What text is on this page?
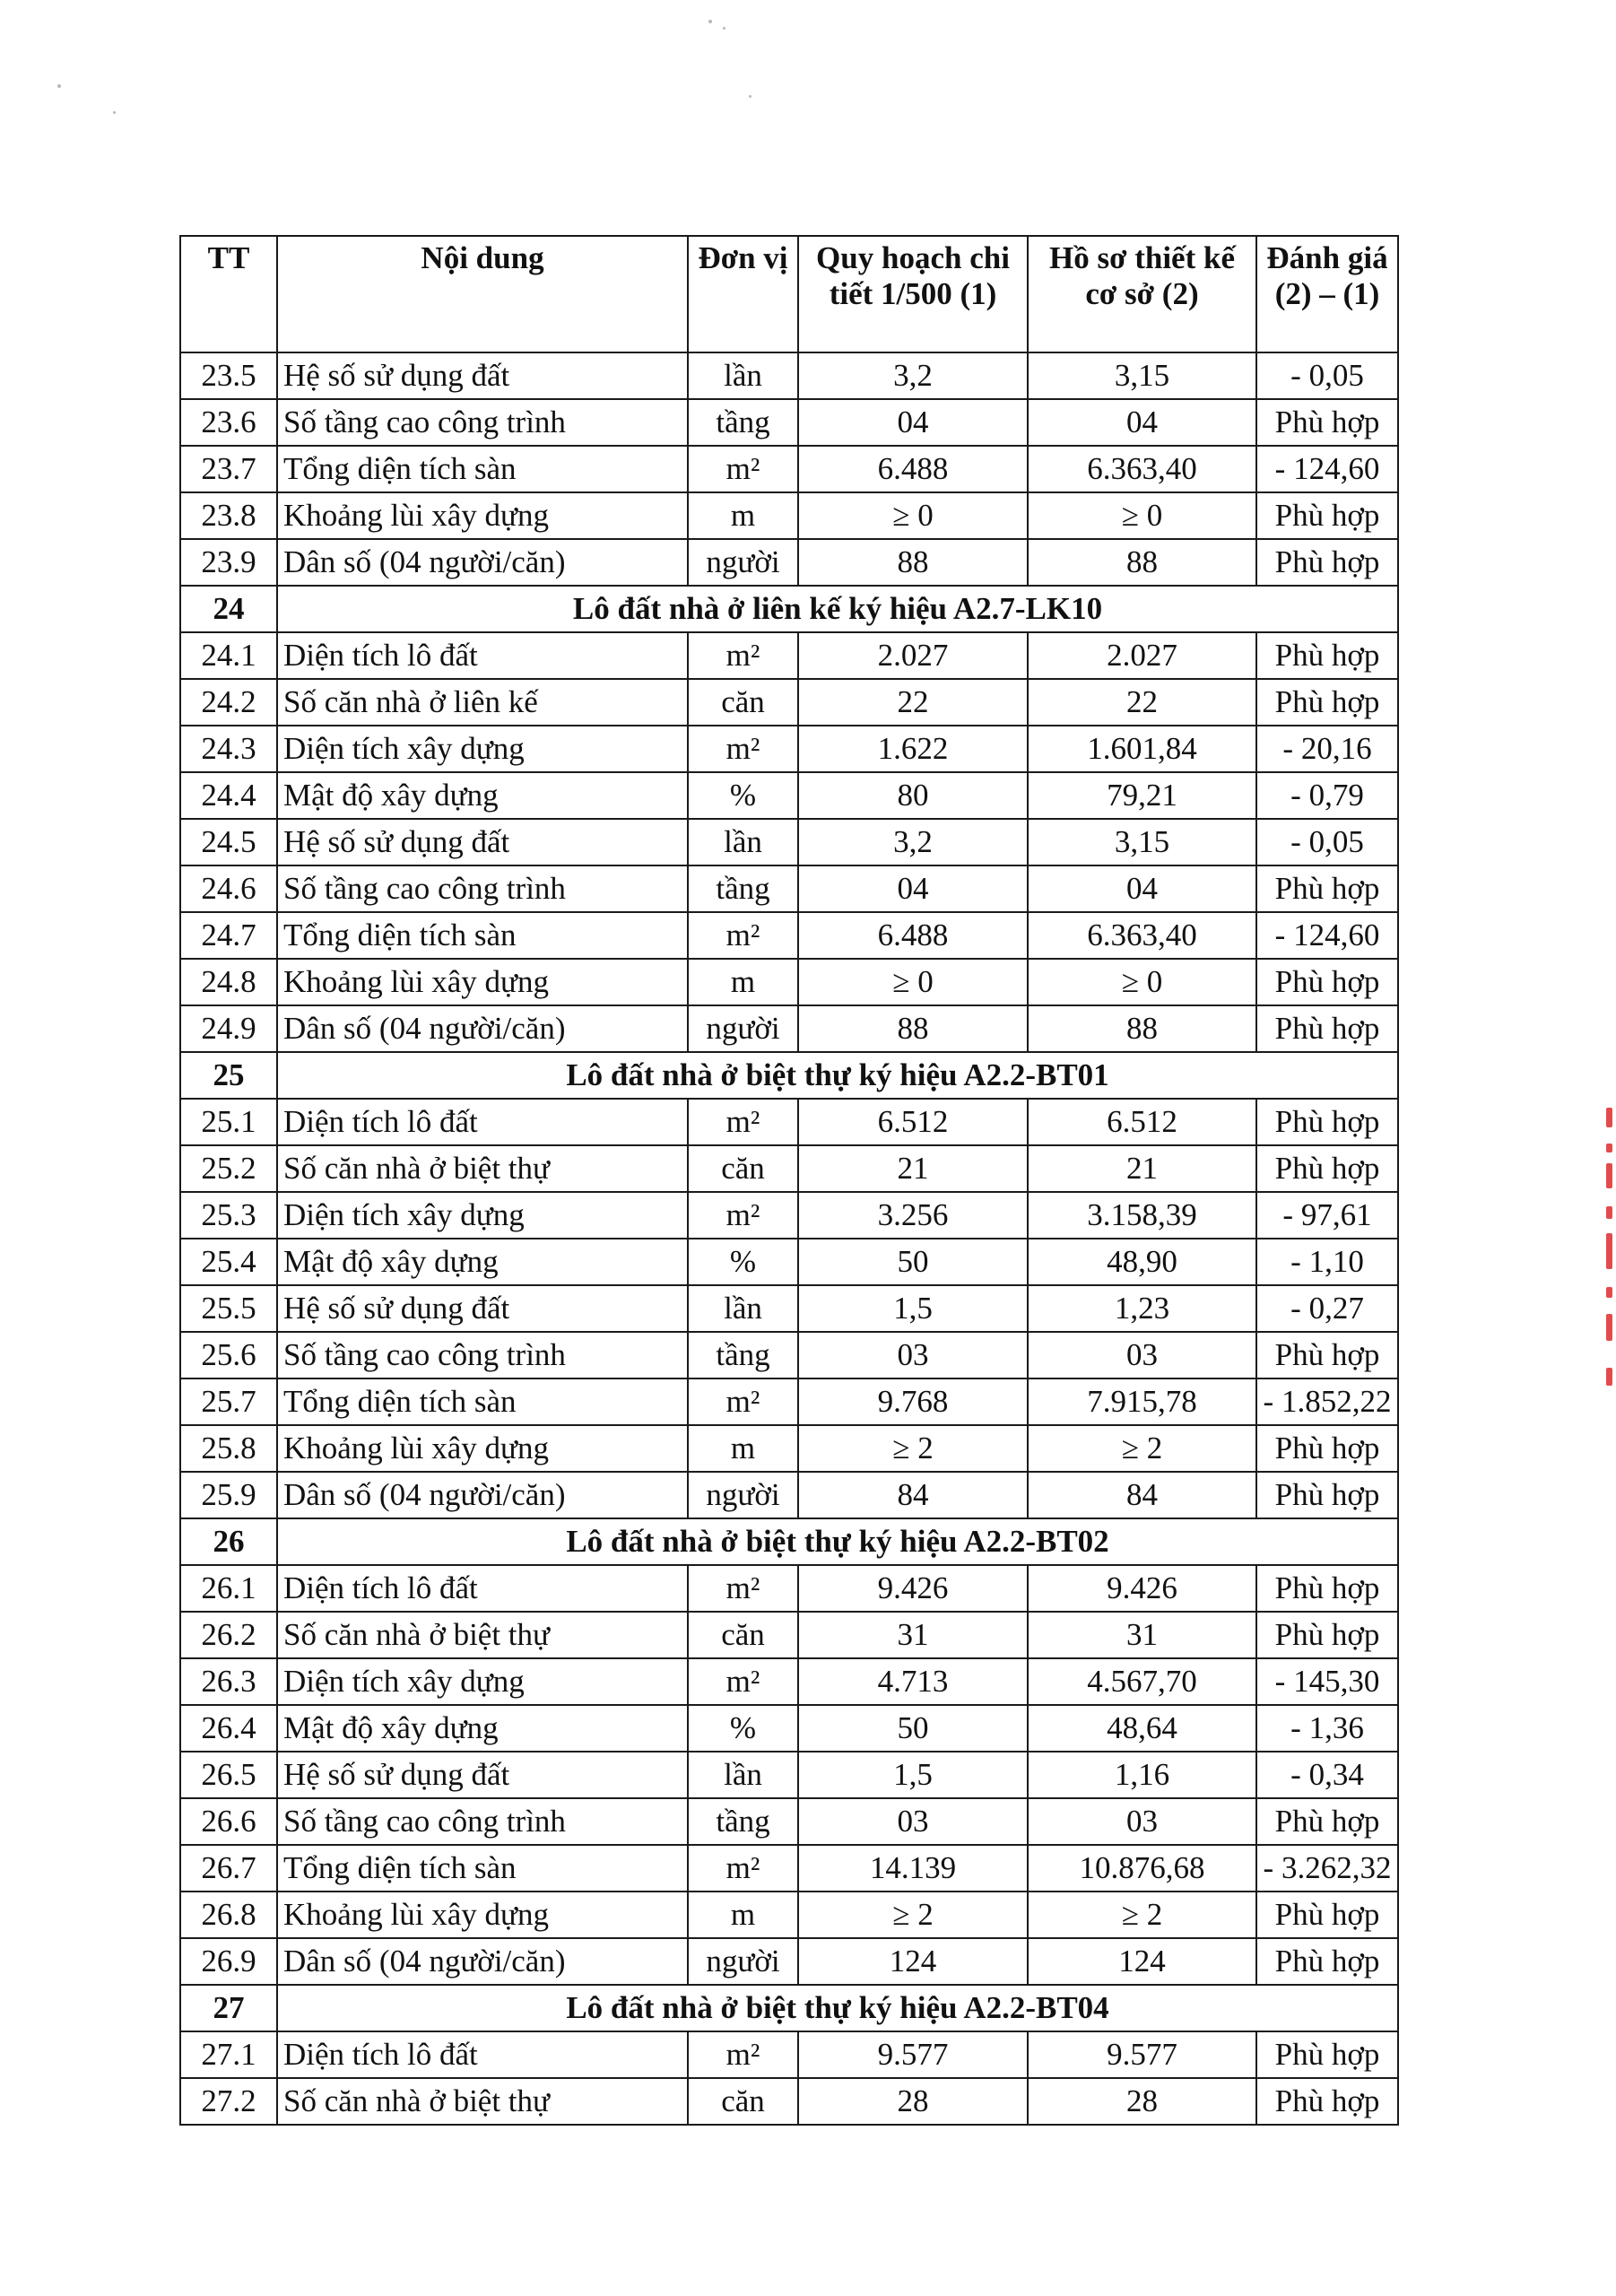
TT	Nội dung	Đơn vị	Quy hoạch chi tiết 1/500 (1)	Hồ sơ thiết kế cơ sở (2)	Đánh giá (2) – (1)
23.5	Hệ số sử dụng đất	lần	3,2	3,15	- 0,05
23.6	Số tầng cao công trình	tầng	04	04	Phù hợp
23.7	Tổng diện tích sàn	m²	6.488	6.363,40	- 124,60
23.8	Khoảng lùi xây dựng	m	≥ 0	≥ 0	Phù hợp
23.9	Dân số (04 người/căn)	người	88	88	Phù hợp
24	Lô đất nhà ở liên kế ký hiệu A2.7-LK10				
24.1	Diện tích lô đất	m²	2.027	2.027	Phù hợp
24.2	Số căn nhà ở liên kế	căn	22	22	Phù hợp
24.3	Diện tích xây dựng	m²	1.622	1.601,84	- 20,16
24.4	Mật độ xây dựng	%	80	79,21	- 0,79
24.5	Hệ số sử dụng đất	lần	3,2	3,15	- 0,05
24.6	Số tầng cao công trình	tầng	04	04	Phù hợp
24.7	Tổng diện tích sàn	m²	6.488	6.363,40	- 124,60
24.8	Khoảng lùi xây dựng	m	≥ 0	≥ 0	Phù hợp
24.9	Dân số (04 người/căn)	người	88	88	Phù hợp
25	Lô đất nhà ở biệt thự ký hiệu A2.2-BT01				
25.1	Diện tích lô đất	m²	6.512	6.512	Phù hợp
25.2	Số căn nhà ở biệt thự	căn	21	21	Phù hợp
25.3	Diện tích xây dựng	m²	3.256	3.158,39	- 97,61
25.4	Mật độ xây dựng	%	50	48,90	- 1,10
25.5	Hệ số sử dụng đất	lần	1,5	1,23	- 0,27
25.6	Số tầng cao công trình	tầng	03	03	Phù hợp
25.7	Tổng diện tích sàn	m²	9.768	7.915,78	- 1.852,22
25.8	Khoảng lùi xây dựng	m	≥ 2	≥ 2	Phù hợp
25.9	Dân số (04 người/căn)	người	84	84	Phù hợp
26	Lô đất nhà ở biệt thự ký hiệu A2.2-BT02				
26.1	Diện tích lô đất	m²	9.426	9.426	Phù hợp
26.2	Số căn nhà ở biệt thự	căn	31	31	Phù hợp
26.3	Diện tích xây dựng	m²	4.713	4.567,70	- 145,30
26.4	Mật độ xây dựng	%	50	48,64	- 1,36
26.5	Hệ số sử dụng đất	lần	1,5	1,16	- 0,34
26.6	Số tầng cao công trình	tầng	03	03	Phù hợp
26.7	Tổng diện tích sàn	m²	14.139	10.876,68	- 3.262,32
26.8	Khoảng lùi xây dựng	m	≥ 2	≥ 2	Phù hợp
26.9	Dân số (04 người/căn)	người	124	124	Phù hợp
27	Lô đất nhà ở biệt thự ký hiệu A2.2-BT04				
27.1	Diện tích lô đất	m²	9.577	9.577	Phù hợp
27.2	Số căn nhà ở biệt thự	căn	28	28	Phù hợp
